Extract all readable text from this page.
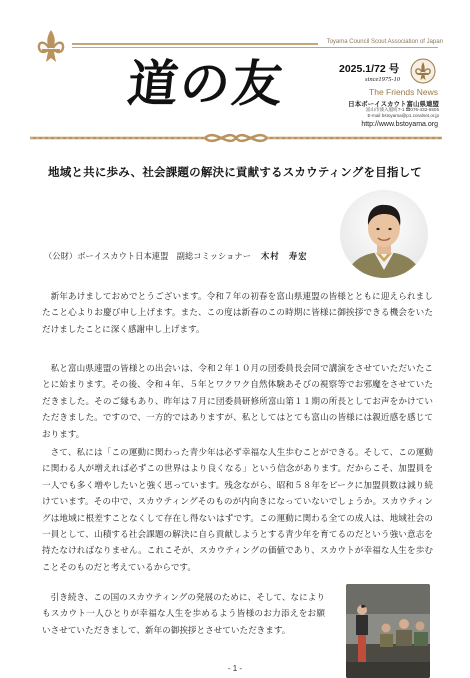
Toyama Council Scout Association of Japan
道の友	2025.1/72 号
since1975-10
The Friends News
日本ボーイスカウト富山県連盟
富山市湊入船町7-1 ☎076-432-6505
E-mail bstoyama@p1.coralnet.or.jp
http://www.bstoyama.org
地域と共に歩み、社会課題の解決に貢献するスカウティングを目指して
（公財）ボーイスカウト日本連盟　副総コミッショナー 木村　寿宏

新年あけましておめでとうございます。令和７年の初春を富山県連盟の皆様とともに迎えられましたこと心よりお慶び申し上げます。また、この度は新春のこの時期に皆様に御挨拶できる機会をいただけましたことに深く感謝申し上げます。

私と富山県連盟の皆様との出会いは、令和２年１０月の団委員長会同で講演をさせていただいたことに始まります。その後、令和４年、５年とワクワク自然体験あそびの視察等でお邪魔をさせていただきました。そのご縁もあり、昨年は７月に団委員研修所富山第１１期の所長としてお声をかけていただきました。ですので、一方的ではありますが、私としてはとても富山の皆様には親近感を感じております。

さて、私には「この運動に関わった青少年は必ず幸福な人生歩むことができる。そして、この運動に関わる人が増えれば必ずこの世界はより良くなる」という信念があります。だからこそ、加盟員を一人でも多く増やしたいと強く思っています。残念ながら、昭和５８年をピークに加盟員数は減り続けています。その中で、スカウティングそのものが内向きになっていないでしょうか。スカウティングは地域に根差すことなくして存在し得ないはずです。この運動に関わる全ての成人は、地域社会の一員として、山積する社会課題の解決に自ら貢献しようとする青少年を育てるのだという強い意志を持たなければなりません。これこそが、スカウティングの価値であり、スカウトが幸福な人生を歩むことそのものだと考えているからです。

引き続き、この国のスカウティングの発展のために、そして、なによりもスカウト一人ひとりが幸福な人生を歩めるよう皆様のお力添えをお願いさせていただきまして、新年の御挨拶とさせていただきます。

- 1 -
